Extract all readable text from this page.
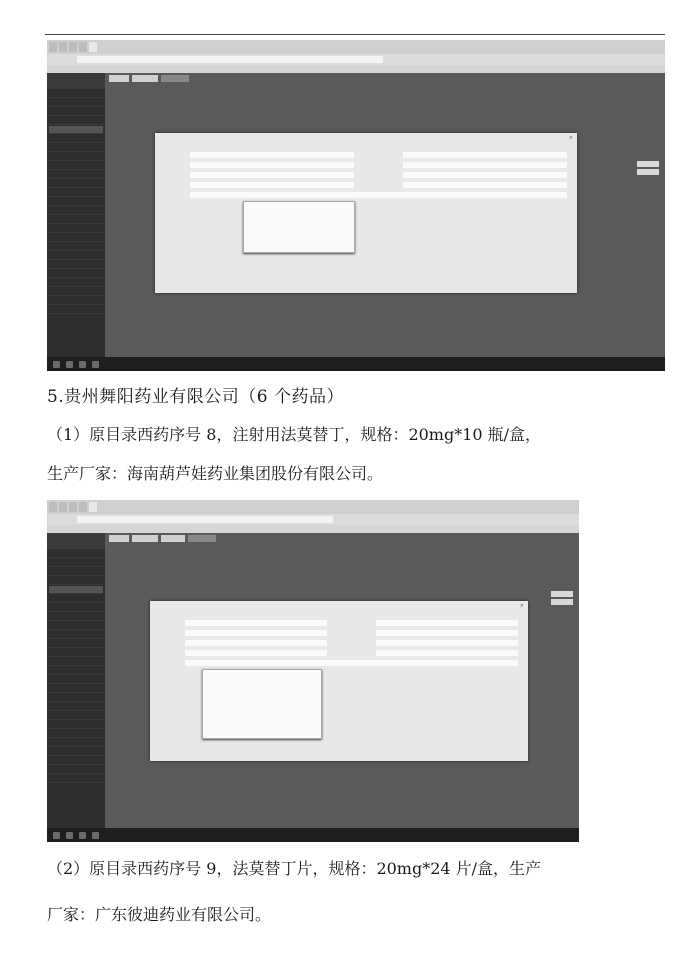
×
5.贵州舞阳药业有限公司（6 个药品）
（1）原目录西药序号 8，注射用法莫替丁，规格：20mg*10 瓶/盒，
生产厂家：海南葫芦娃药业集团股份有限公司。
×
（2）原目录西药序号 9，法莫替丁片，规格：20mg*24 片/盒，生产
厂家：广东彼迪药业有限公司。
